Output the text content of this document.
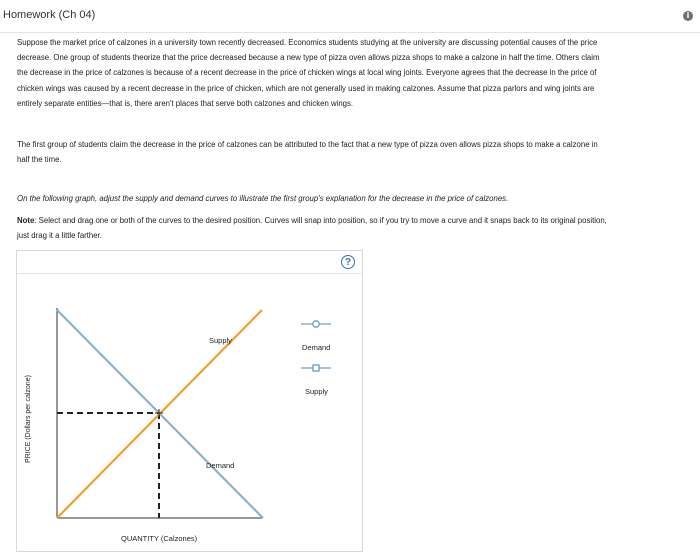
Homework (Ch 04)	i

Suppose the market price of calzones in a university town recently decreased. Economics students studying at the university are discussing potential causes of the price decrease. One group of students theorize that the price decreased because a new type of pizza oven allows pizza shops to make a calzone in half the time. Others claim the decrease in the price of calzones is because of a recent decrease in the price of chicken wings at local wing joints. Everyone agrees that the decrease in the price of chicken wings was caused by a recent decrease in the price of chicken, which are not generally used in making calzones. Assume that pizza parlors and wing joints are entirely separate entities—that is, there aren't places that serve both calzones and chicken wings.

The first group of students claim the decrease in the price of calzones can be attributed to the fact that a new type of pizza oven allows pizza shops to make a calzone in half the time.

On the following graph, adjust the supply and demand curves to illustrate the first group's explanation for the decrease in the price of calzones.

Note: Select and drag one or both of the curves to the desired position. Curves will snap into position, so if you try to move a curve and it snaps back to its original position, just drag it a little farther.

?
Supply
Demand
QUANTITY (Calzones)
PRICE (Dollars per calzone)
Demand
Supply
